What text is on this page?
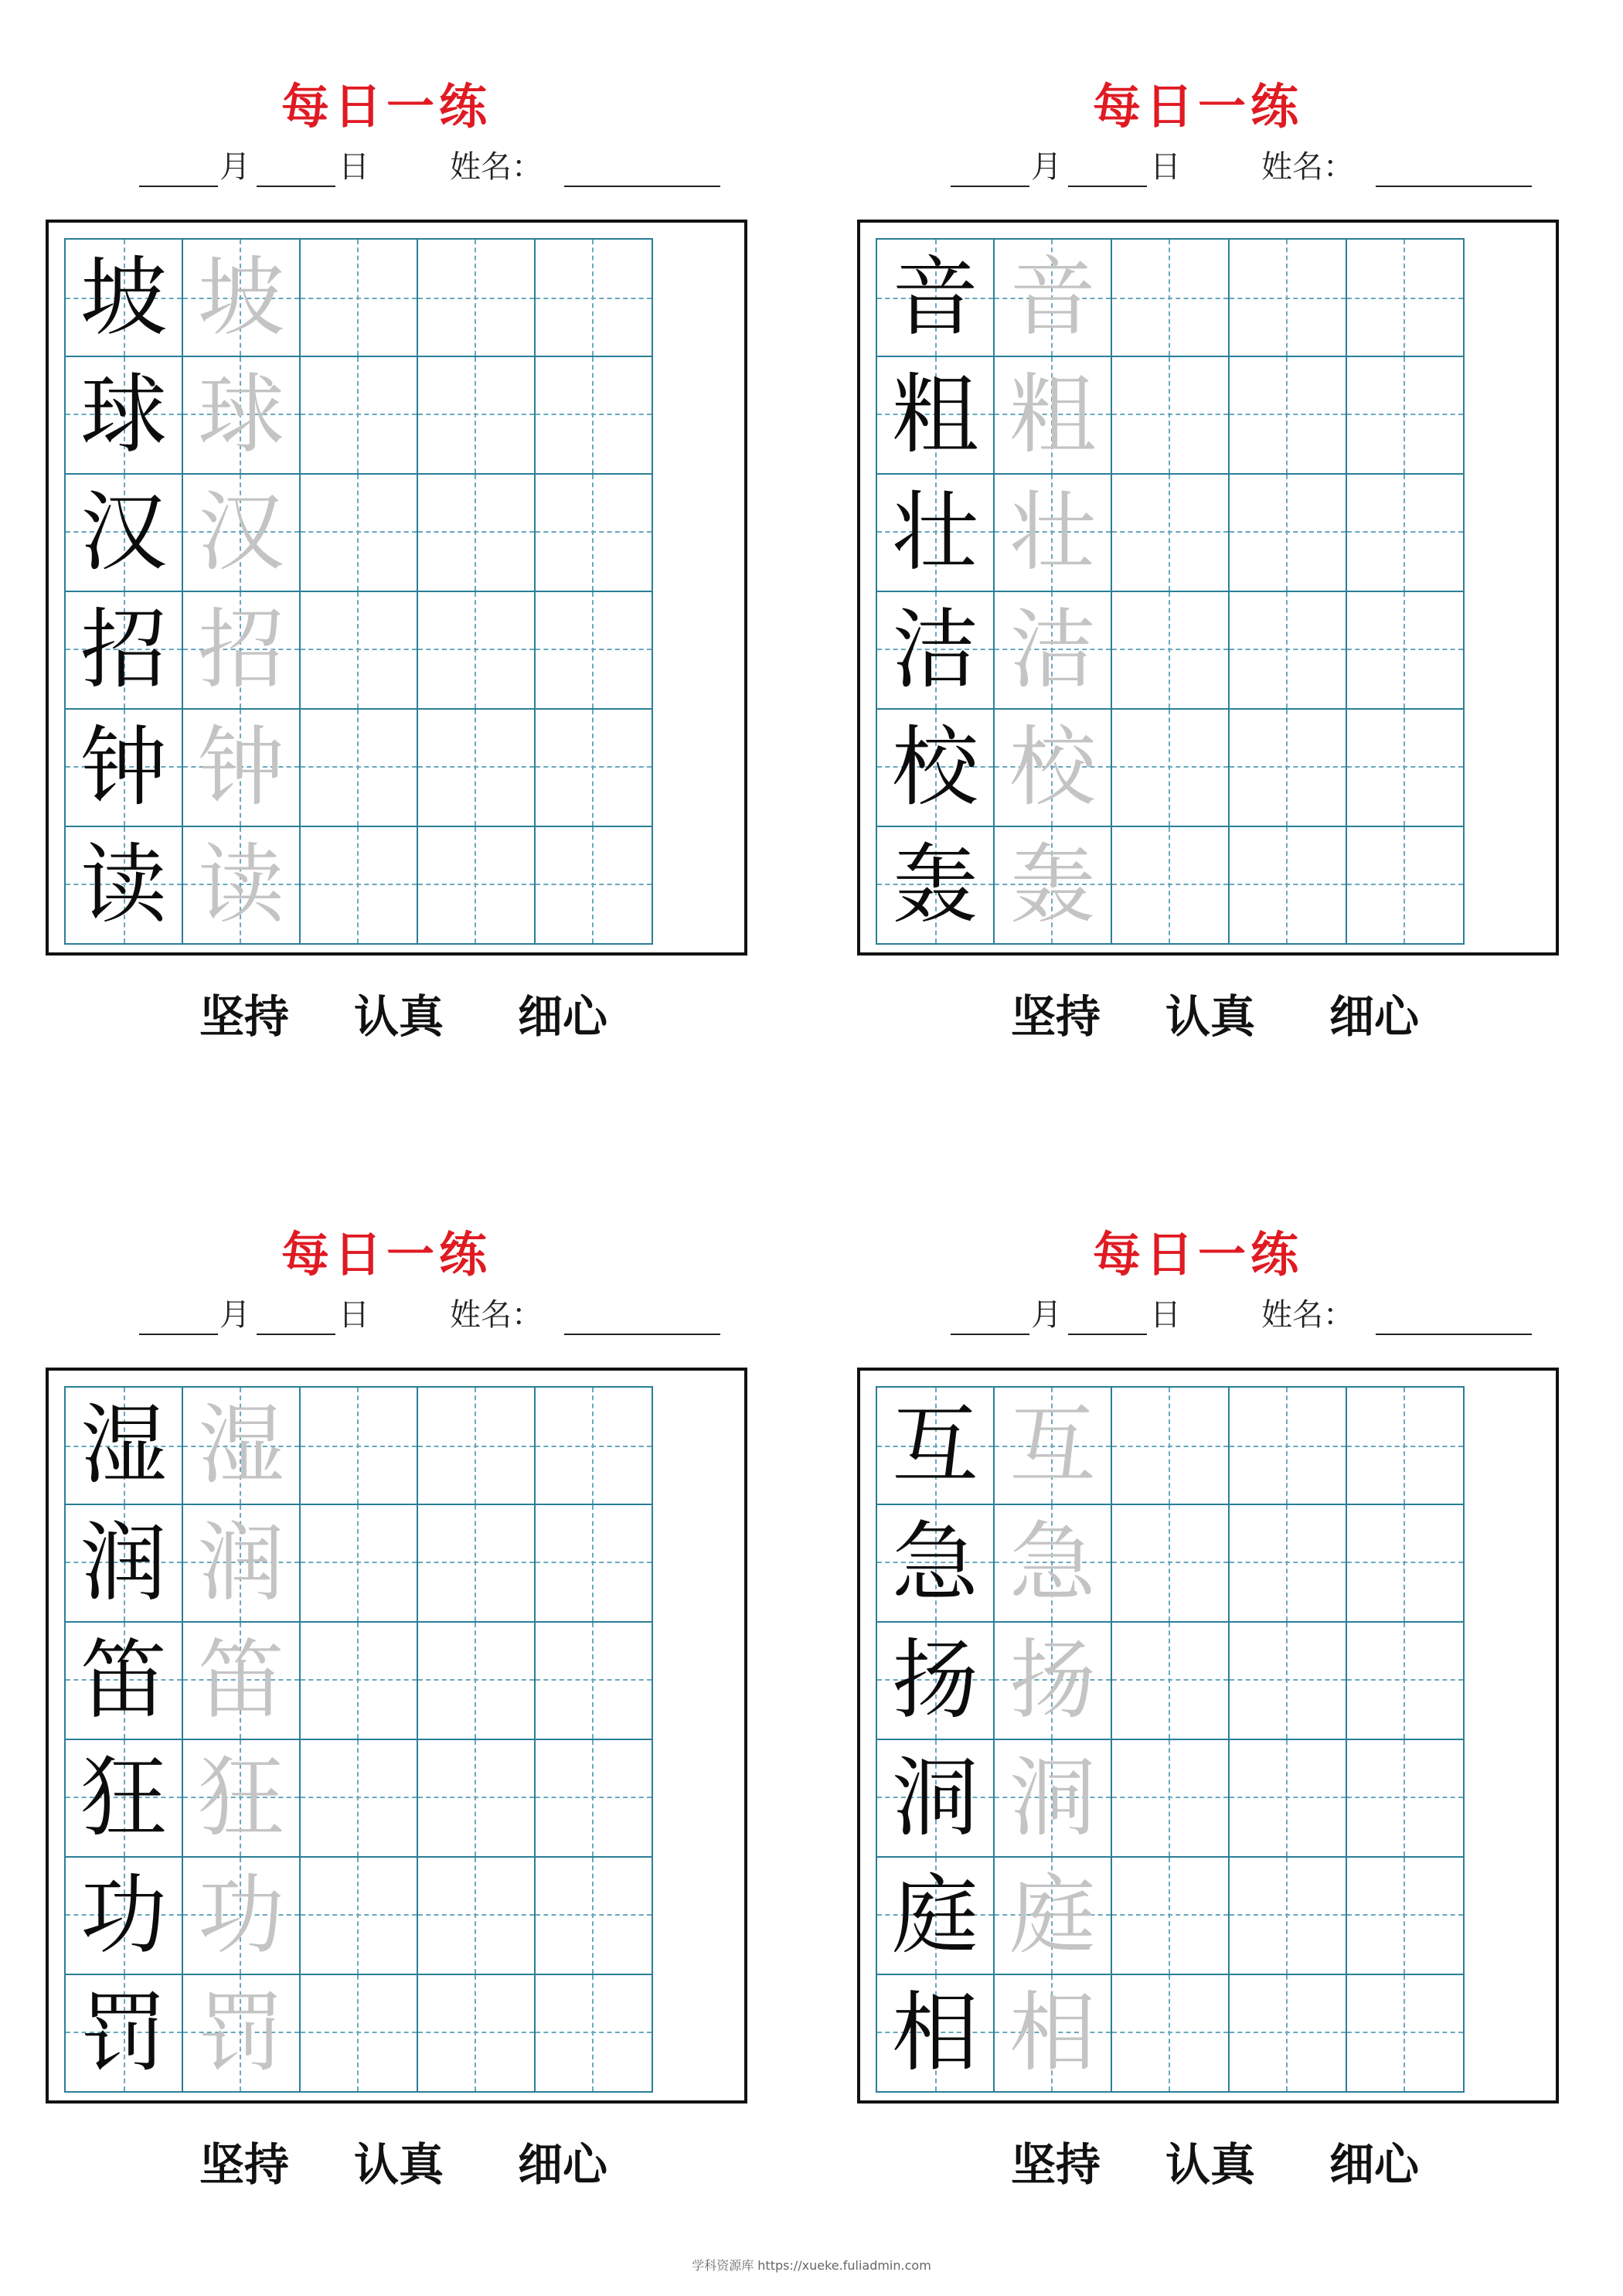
每日一练
月	日	姓名：
坡 坡
球 球
汉 汉
招 招
钟 钟
读 读
坚持 认真 细心
每日一练
月	日	姓名：
音 音
粗 粗
壮 壮
洁 洁
校 校
轰 轰
坚持 认真 细心
每日一练
月	日	姓名：
湿 湿
润 润
笛 笛
狂 狂
功 功
罚 罚
坚持 认真 细心
每日一练
月	日	姓名：
互 互
急 急
扬 扬
洞 洞
庭 庭
相 相
坚持 认真 细心
学科资源库 https://xueke.fuliadmin.com
